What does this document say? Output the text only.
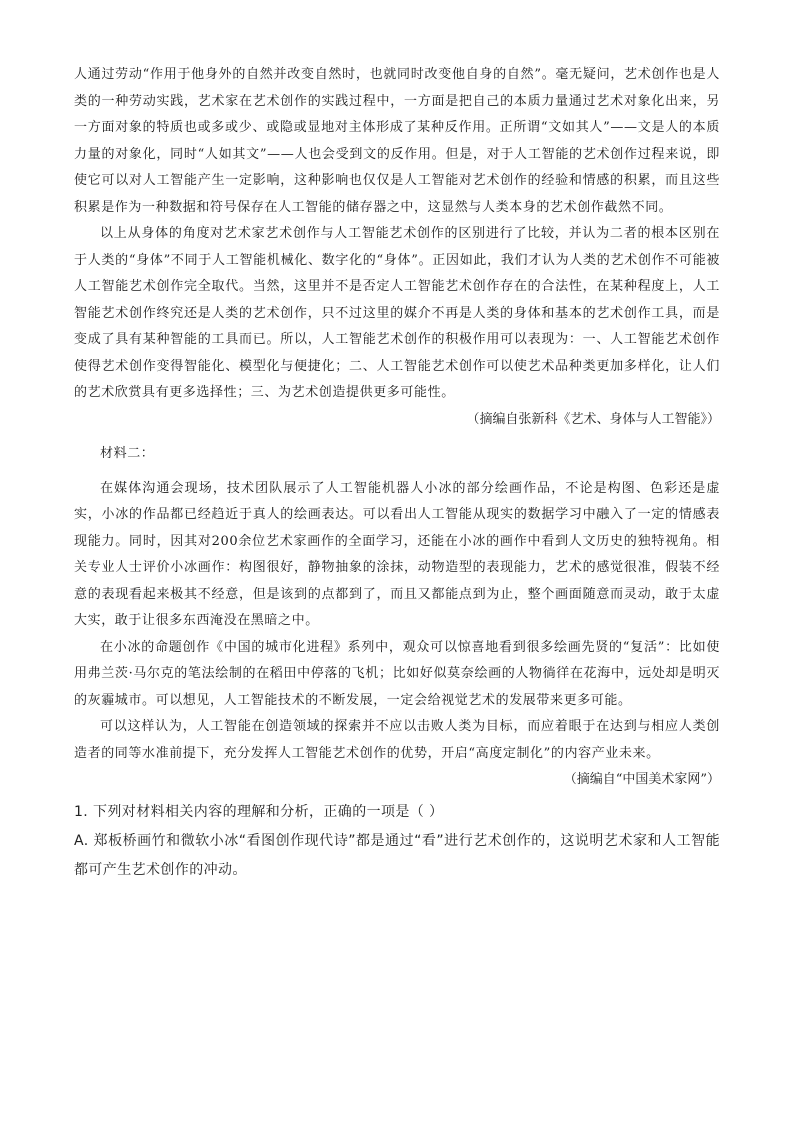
人通过劳动“作用于他身外的自然并改变自然时，也就同时改变他自身的自然”。毫无疑问，艺术创作也是人类的一种劳动实践，艺术家在艺术创作的实践过程中，一方面是把自己的本质力量通过艺术对象化出来，另一方面对象的特质也或多或少、或隐或显地对主体形成了某种反作用。正所谓“文如其人”——文是人的本质力量的对象化，同时“人如其文”——人也会受到文的反作用。但是，对于人工智能的艺术创作过程来说，即使它可以对人工智能产生一定影响，这种影响也仅仅是人工智能对艺术创作的经验和情感的积累，而且这些积累是作为一种数据和符号保存在人工智能的储存器之中，这显然与人类本身的艺术创作截然不同。

以上从身体的角度对艺术家艺术创作与人工智能艺术创作的区别进行了比较，并认为二者的根本区别在于人类的“身体”不同于人工智能机械化、数字化的“身体”。正因如此，我们才认为人类的艺术创作不可能被人工智能艺术创作完全取代。当然，这里并不是否定人工智能艺术创作存在的合法性，在某种程度上，人工智能艺术创作终究还是人类的艺术创作，只不过这里的媒介不再是人类的身体和基本的艺术创作工具，而是变成了具有某种智能的工具而已。所以，人工智能艺术创作的积极作用可以表现为：一、人工智能艺术创作使得艺术创作变得智能化、模型化与便捷化；二、人工智能艺术创作可以使艺术品种类更加多样化，让人们的艺术欣赏具有更多选择性；三、为艺术创造提供更多可能性。

（摘编自张新科《艺术、身体与人工智能》）

材料二：

在媒体沟通会现场，技术团队展示了人工智能机器人小冰的部分绘画作品，不论是构图、色彩还是虚实，小冰的作品都已经趋近于真人的绘画表达。可以看出人工智能从现实的数据学习中融入了一定的情感表现能力。同时，因其对200余位艺术家画作的全面学习，还能在小冰的画作中看到人文历史的独特视角。相关专业人士评价小冰画作：构图很好，静物抽象的涂抹，动物造型的表现能力，艺术的感觉很准，假装不经意的表现看起来极其不经意，但是该到的点都到了，而且又都能点到为止，整个画面随意而灵动，敢于太虚大实，敢于让很多东西淹没在黑暗之中。

在小冰的命题创作《中国的城市化进程》系列中，观众可以惊喜地看到很多绘画先贤的“复活”：比如使用弗兰茨·马尔克的笔法绘制的在稻田中停落的飞机；比如好似莫奈绘画的人物徜徉在花海中，远处却是明灭的灰霾城市。可以想见，人工智能技术的不断发展，一定会给视觉艺术的发展带来更多可能。

可以这样认为，人工智能在创造领域的探索并不应以击败人类为目标，而应着眼于在达到与相应人类创造者的同等水准前提下，充分发挥人工智能艺术创作的优势，开启“高度定制化”的内容产业未来。

（摘编自“中国美术家网”）

1. 下列对材料相关内容的理解和分析，正确的一项是（ ）

A. 郑板桥画竹和微软小冰“看图创作现代诗”都是通过“看”进行艺术创作的，这说明艺术家和人工智能都可产生艺术创作的冲动。
